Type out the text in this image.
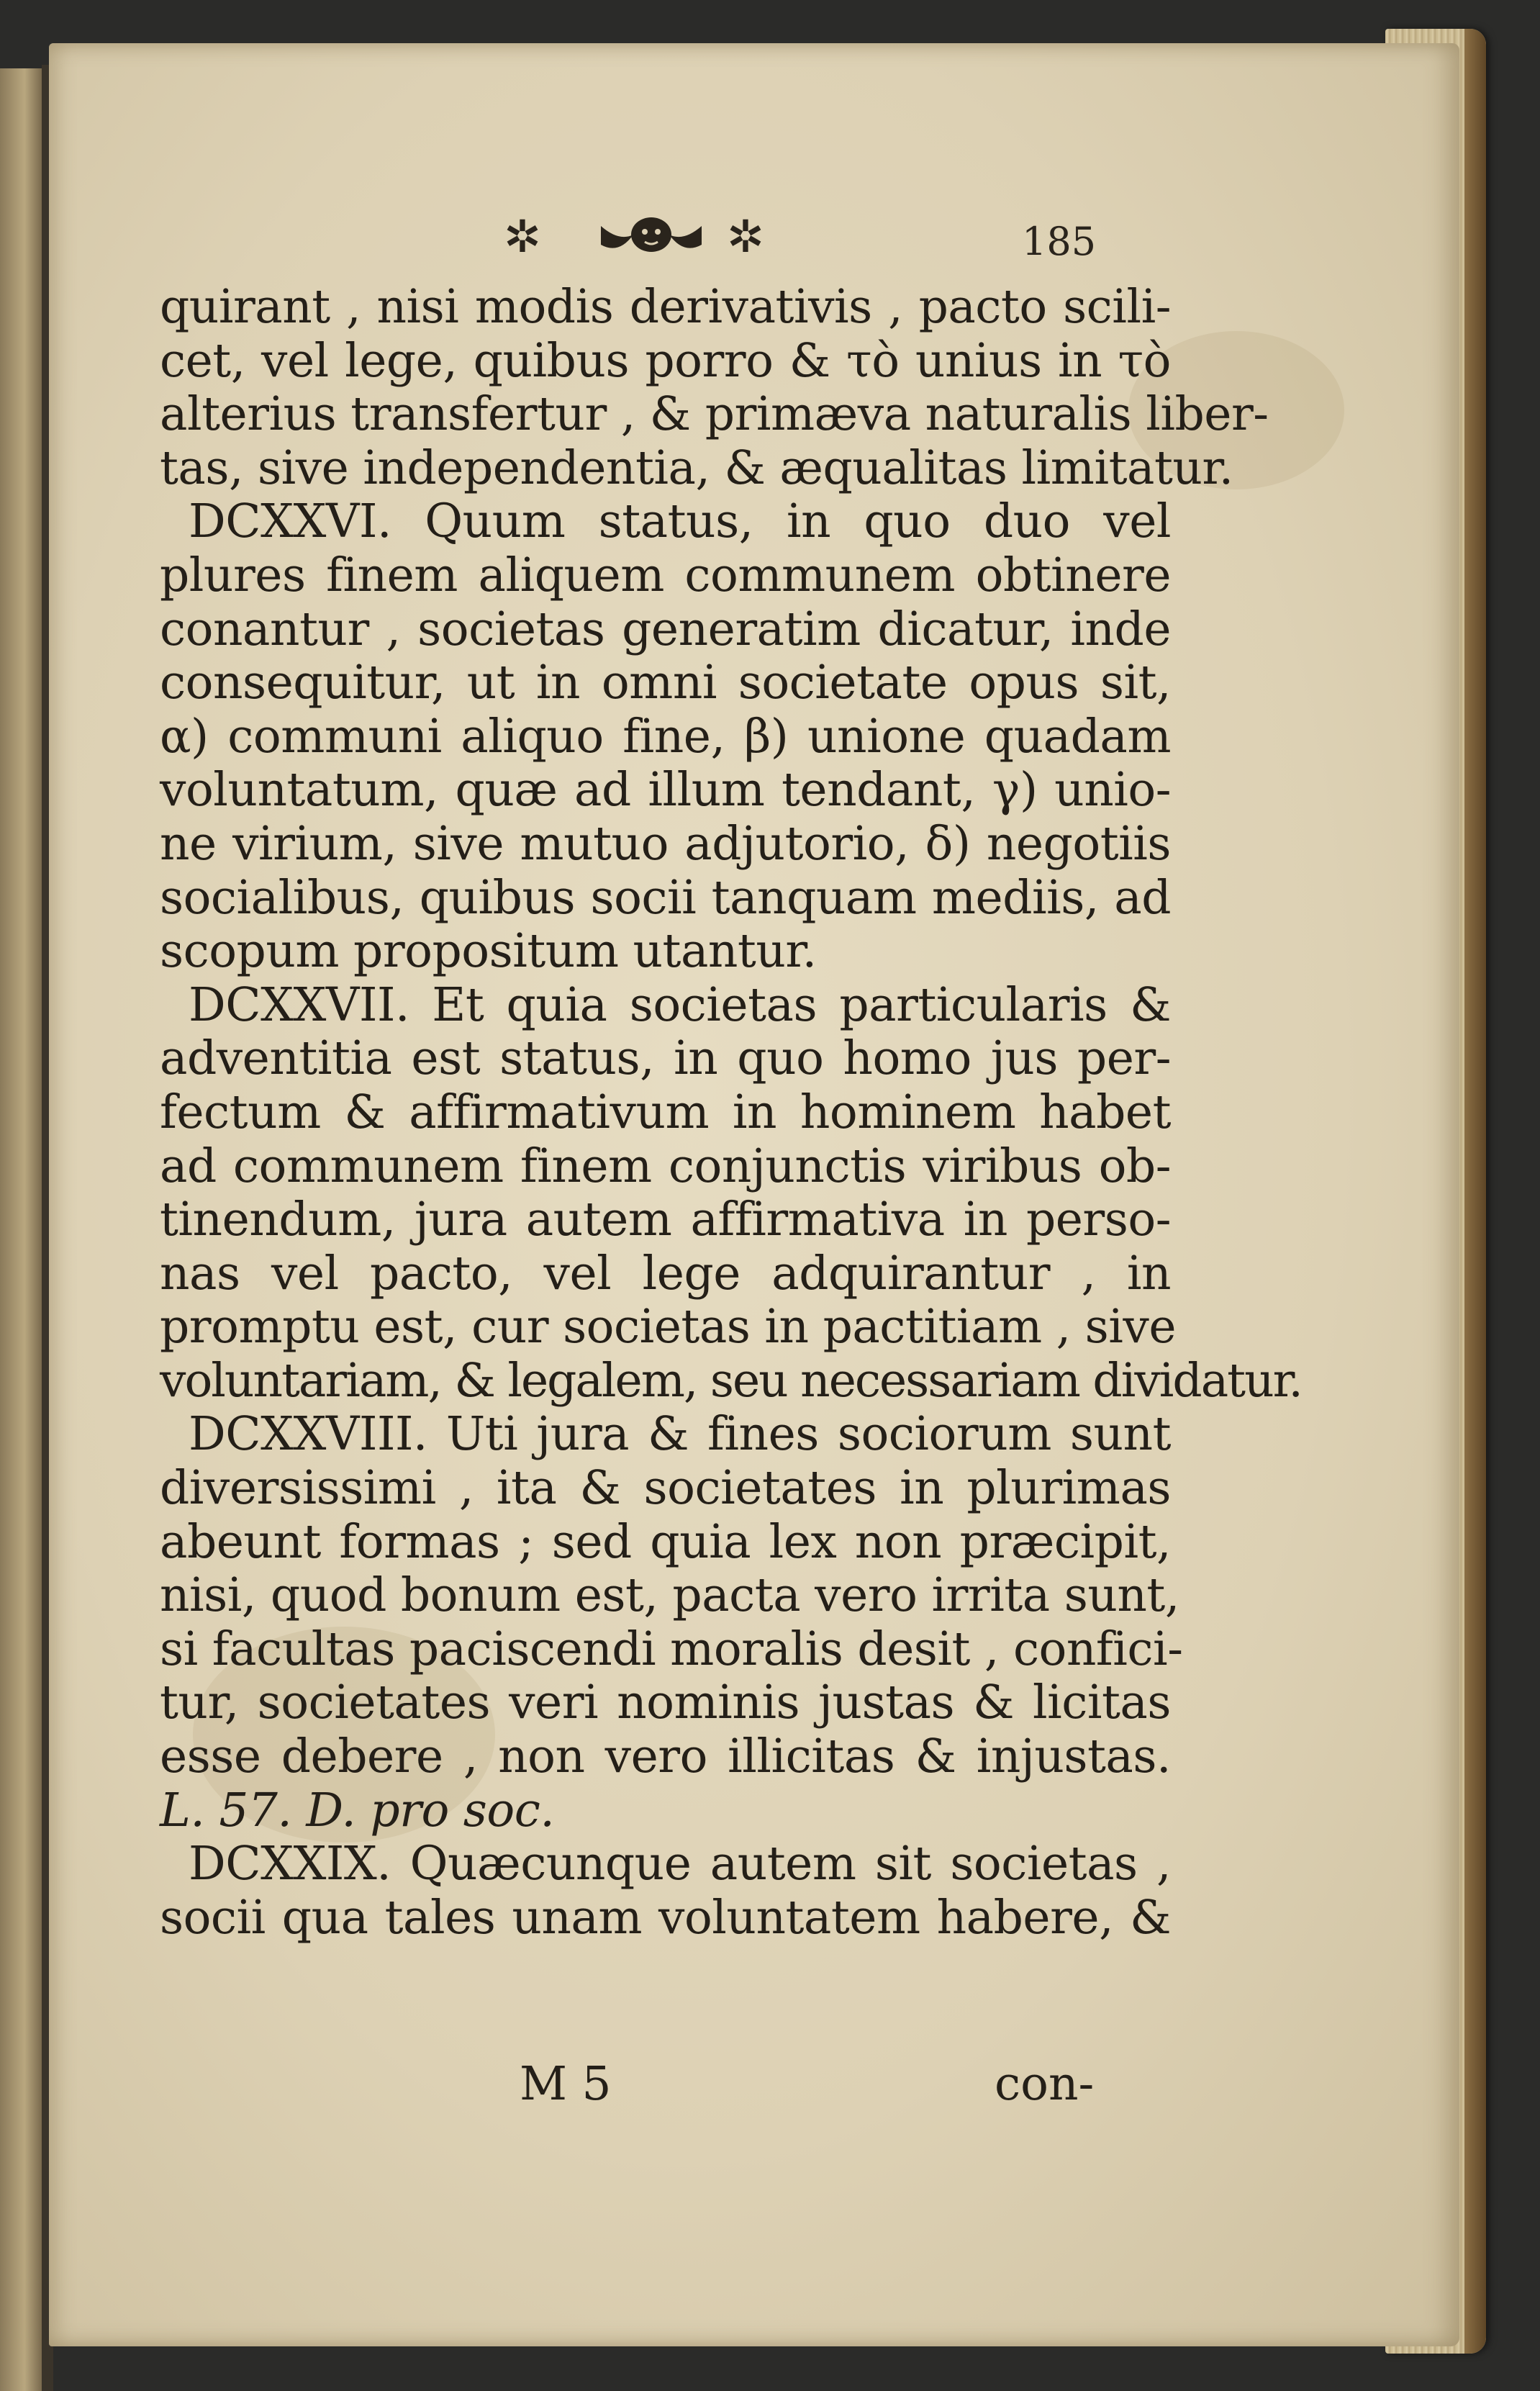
✲	✲	185
quirant , nisi modis derivativis , pacto scili-
cet, vel lege, quibus porro & τὸ unius in τὸ
alterius transfertur , & primæva naturalis liber-
tas, sive independentia, & æqualitas limitatur.
DCXXVI. Quum status, in quo duo vel
plures finem aliquem communem obtinere
conantur , societas generatim dicatur, inde
consequitur, ut in omni societate opus sit,
α) communi aliquo fine, β) unione quadam
voluntatum, quæ ad illum tendant, γ) unio-
ne virium, sive mutuo adjutorio, δ) negotiis
socialibus, quibus socii tanquam mediis, ad
scopum propositum utantur.
DCXXVII. Et quia societas particularis &
adventitia est status, in quo homo jus per-
fectum & affirmativum in hominem habet
ad communem finem conjunctis viribus ob-
tinendum, jura autem affirmativa in perso-
nas vel pacto, vel lege adquirantur , in
promptu est, cur societas in pactitiam , sive
voluntariam, & legalem, seu necessariam dividatur.
DCXXVIII. Uti jura & fines sociorum sunt
diversissimi , ita & societates in plurimas
abeunt formas ; sed quia lex non præcipit,
nisi, quod bonum est, pacta vero irrita sunt,
si facultas paciscendi moralis desit , confici-
tur, societates veri nominis justas & licitas
esse debere , non vero illicitas & injustas.
L. 57. D. pro soc.
DCXXIX. Quæcunque autem sit societas ,
socii qua tales unam voluntatem habere, &
M 5	con-
